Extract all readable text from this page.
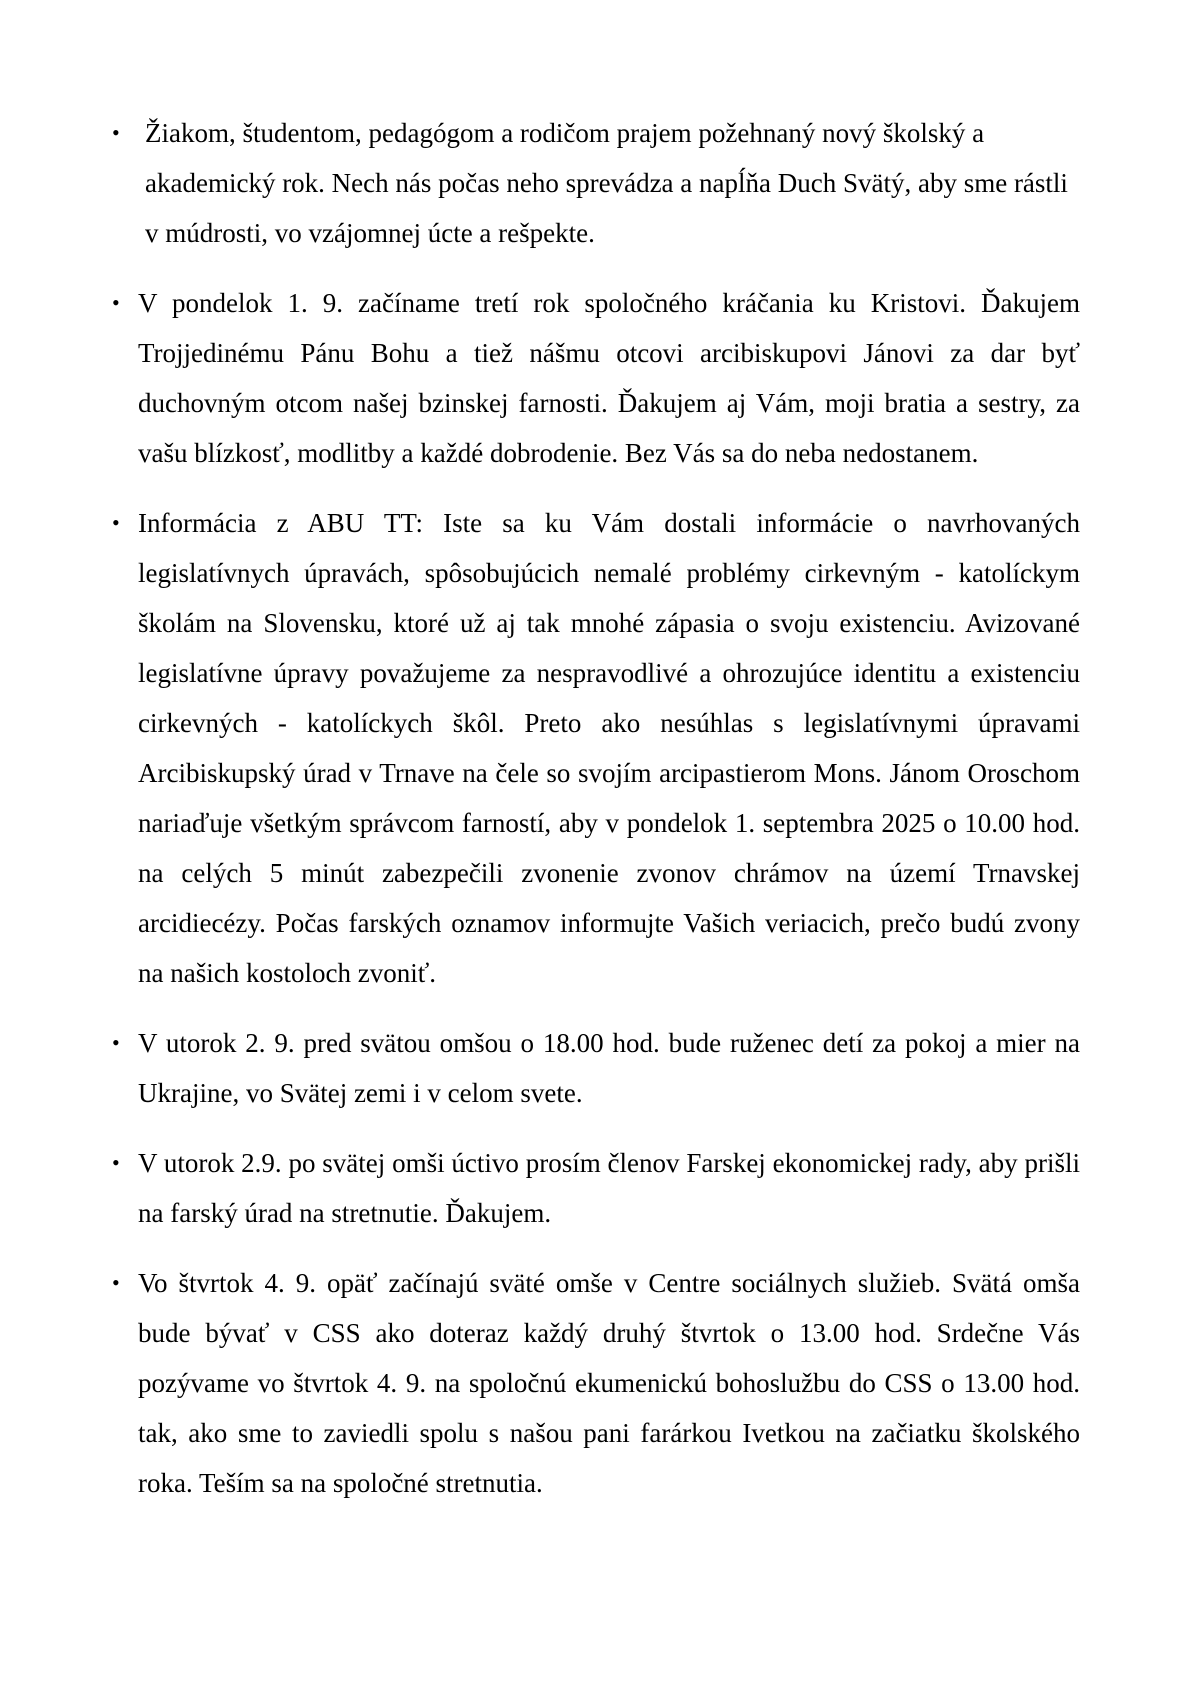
• Žiakom, študentom, pedagógom a rodičom prajem požehnaný nový školský a akademický rok. Nech nás počas neho sprevádza a napĺňa Duch Svätý, aby sme rástli v múdrosti, vo vzájomnej úcte a rešpekte.
• V pondelok 1. 9. začíname tretí rok spoločného kráčania ku Kristovi. Ďakujem Trojjedinému Pánu Bohu a tiež nášmu otcovi arcibiskupovi Jánovi za dar byť duchovným otcom našej bzinskej farnosti. Ďakujem aj Vám, moji bratia a sestry, za vašu blízkosť, modlitby a každé dobrodenie. Bez Vás sa do neba nedostanem.
• Informácia z ABU TT: Iste sa ku Vám dostali informácie o navrhovaných legislatívnych úpravách, spôsobujúcich nemalé problémy cirkevným - katolíckym školám na Slovensku, ktoré už aj tak mnohé zápasia o svoju existenciu. Avizované legislatívne úpravy považujeme za nespravodlivé a ohrozujúce identitu a existenciu cirkevných - katolíckych škôl. Preto ako nesúhlas s legislatívnymi úpravami Arcibiskupský úrad v Trnave na čele so svojím arcipastierom Mons. Jánom Oroschom nariaďuje všetkým správcom farností, aby v pondelok 1. septembra 2025 o 10.00 hod. na celých 5 minút zabezpečili zvonenie zvonov chrámov na území Trnavskej arcidiecézy. Počas farských oznamov informujte Vašich veriacich, prečo budú zvony na našich kostoloch zvoniť.
• V utorok 2. 9. pred svätou omšou o 18.00 hod. bude ruženec detí za pokoj a mier na Ukrajine, vo Svätej zemi i v celom svete.
• V utorok 2.9. po svätej omši úctivo prosím členov Farskej ekonomickej rady, aby prišli na farský úrad na stretnutie. Ďakujem.
• Vo štvrtok 4. 9. opäť začínajú sväté omše v Centre sociálnych služieb. Svätá omša bude bývať v CSS ako doteraz každý druhý štvrtok o 13.00 hod. Srdečne Vás pozývame vo štvrtok 4. 9. na spoločnú ekumenickú bohoslužbu do CSS o 13.00 hod. tak, ako sme to zaviedli spolu s našou pani farárkou Ivetkou na začiatku školského roka. Teším sa na spoločné stretnutia.
